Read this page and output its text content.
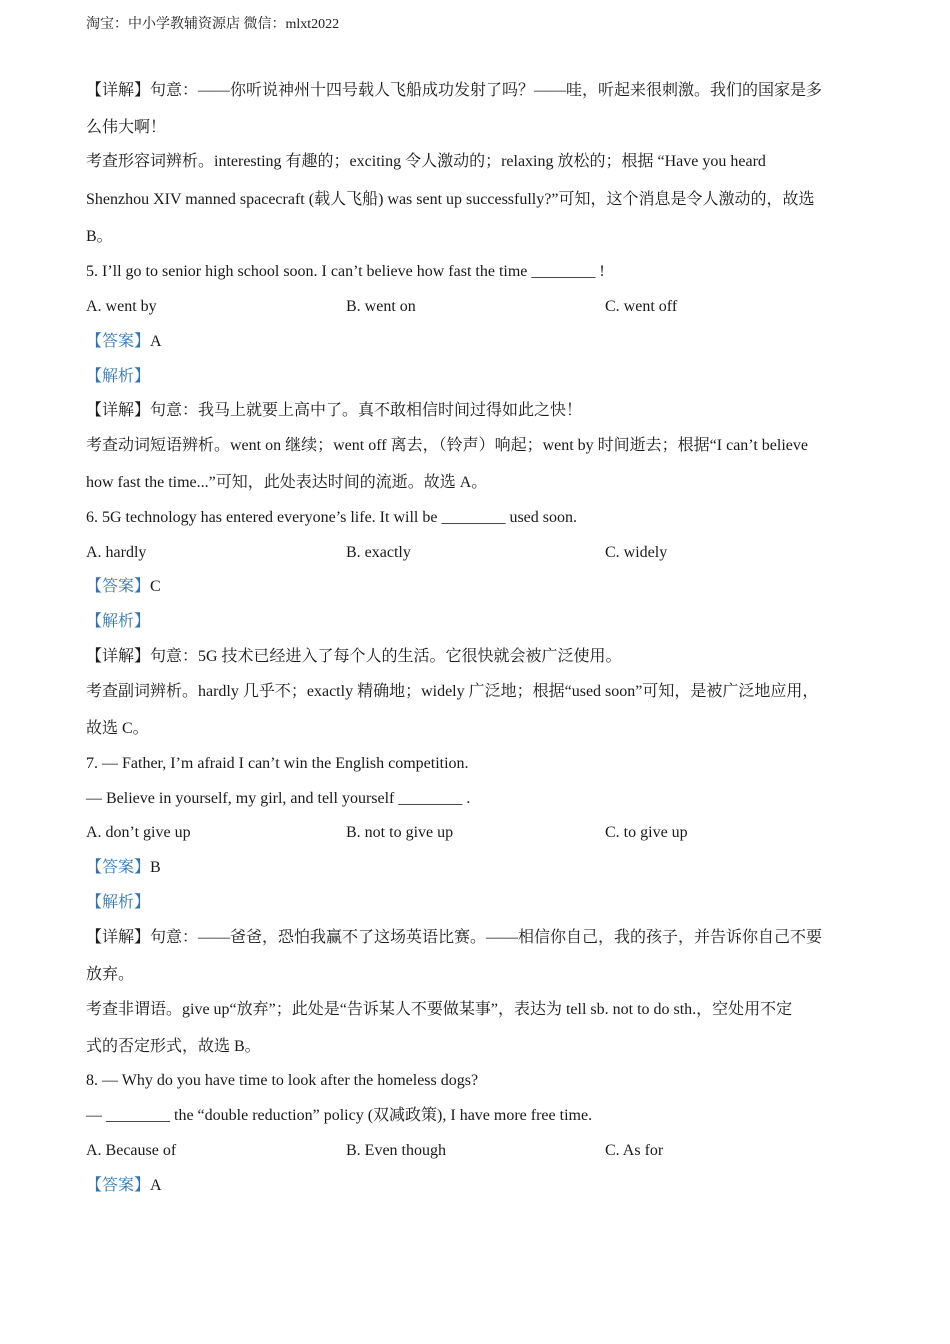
淘宝：中小学教辅资源店 微信：mlxt2022
【详解】句意：——你听说神州十四号载人飞船成功发射了吗？——哇，听起来很刺激。我们的国家是多
么伟大啊！
考查形容词辨析。interesting 有趣的；exciting 令人激动的；relaxing 放松的；根据 “Have you heard
Shenzhou XIV manned spacecraft (载人飞船) was sent up successfully?”可知，这个消息是令人激动的，故选
B。
5. I’ll go to senior high school soon. I can’t believe how fast the time ________ !
A. went by	B. went on	C. went off
【答案】A
【解析】
【详解】句意：我马上就要上高中了。真不敢相信时间过得如此之快！
考查动词短语辨析。went on 继续；went off 离去，（铃声）响起；went by 时间逝去；根据“I can’t believe
how fast the time...”可知，此处表达时间的流逝。故选 A。
6. 5G technology has entered everyone’s life. It will be ________ used soon.
A. hardly	B. exactly	C. widely
【答案】C
【解析】
【详解】句意：5G 技术已经进入了每个人的生活。它很快就会被广泛使用。
考查副词辨析。hardly 几乎不；exactly 精确地；widely 广泛地；根据“used soon”可知，是被广泛地应用，
故选 C。
7. — Father, I’m afraid I can’t win the English competition.
— Believe in yourself, my girl, and tell yourself ________ .
A. don’t give up	B. not to give up	C. to give up
【答案】B
【解析】
【详解】句意：——爸爸，恐怕我赢不了这场英语比赛。——相信你自己，我的孩子，并告诉你自己不要
放弃。
考查非谓语。give up“放弃”；此处是“告诉某人不要做某事”，表达为 tell sb. not to do sth.，空处用不定
式的否定形式，故选 B。
8. — Why do you have time to look after the homeless dogs?
— ________ the “double reduction” policy (双减政策), I have more free time.
A. Because of	B. Even though	C. As for
【答案】A
